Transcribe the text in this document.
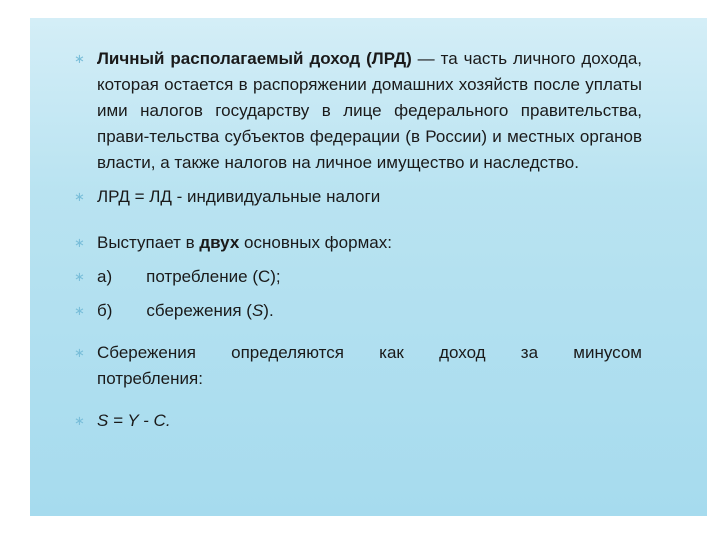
∗ Личный располагаемый доход (ЛРД) — та часть личного дохода, которая остается в распоряжении домашних хозяйств после уплаты ими налогов государству в лице федерального правительства, прави-тельства субъектов федерации (в России) и местных органов власти, а также налогов на личное имущество и наследство.
∗ ЛРД = ЛД - индивидуальные налоги
∗ Выступает в двух основных формах:
∗ а) потребление (С);
∗ б) сбережения (S).
∗ Сбережения определяются как доход за минусом
потребления:
∗ S = Y - C.
